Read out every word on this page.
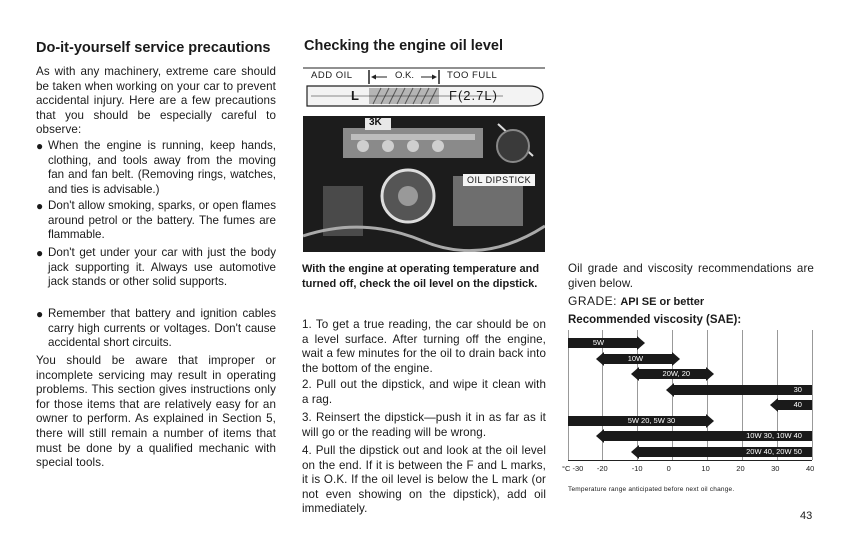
Do-it-yourself service precautions
As with any machinery, extreme care should be taken when working on your car to prevent accidental injury. Here are a few precautions that you should be especially careful to observe:
● When the engine is running, keep hands, clothing, and tools away from the moving fan and fan belt. (Removing rings, watches, and ties is advisable.)
● Don't allow smoking, sparks, or open flames around petrol or the battery. The fumes are flammable.
● Don't get under your car with just the body jack supporting it. Always use automotive jack stands or other solid supports.
● Remember that battery and ignition cables carry high currents or voltages. Don't cause accidental short circuits.
You should be aware that improper or incomplete servicing may result in operating problems. This section gives instructions only for those items that are relatively easy for an owner to perform. As explained in Section 5, there will still remain a number of items that must be done by a qualified mechanic with special tools.
Checking the engine oil level
ADD OIL	O.K.	TOO FULL
L	F(2.7L)
3K
OIL DIPSTICK
With the engine at operating temperature and turned off, check the oil level on the dipstick.
1. To get a true reading, the car should be on a level surface. After turning off the engine, wait a few minutes for the oil to drain back into the bottom of the engine.
2. Pull out the dipstick, and wipe it clean with a rag.
3. Reinsert the dipstick—push it in as far as it will go or the reading will be wrong.
4. Pull the dipstick out and look at the oil level on the end. If it is between the F and L marks, it is O.K. If the oil level is below the L mark (or not even showing on the dipstick), add oil immediately.
Oil grade and viscosity recommendations are given below.
GRADE: API SE or better
Recommended viscosity (SAE):
5W
10W
20W, 20
30
40
5W 20, 5W 30
10W 30, 10W 40
20W 40, 20W 50
°C -30 -20	-10	0	10	20	30	40
Temperature range anticipated before next oil change.
43
